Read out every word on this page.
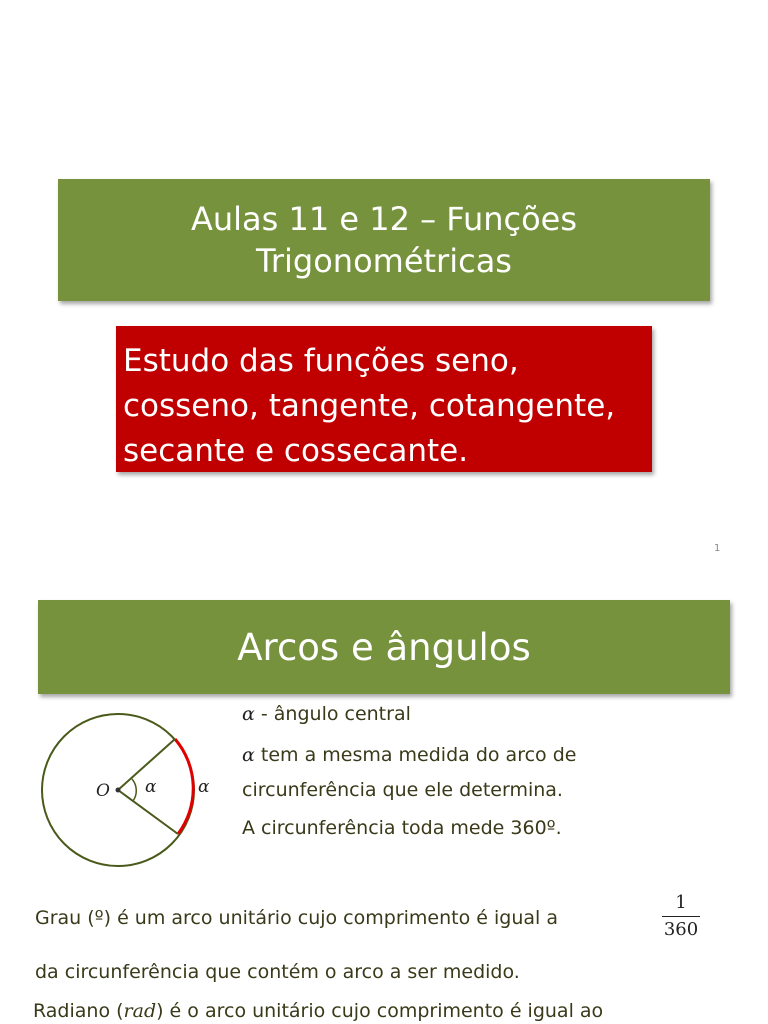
Aulas 11 e 12 – Funções
Trigonométricas
Estudo das funções seno,
cosseno, tangente, cotangente,
secante e cossecante.
1
Arcos e ângulos
O α α
α - ângulo central
α tem a mesma medida do arco de
circunferência que ele determina.
A circunferência toda mede 360º.
Grau (º) é um arco unitário cujo comprimento é igual a
1
360
da circunferência que contém o arco a ser medido.
Radiano (rad) é o arco unitário cujo comprimento é igual ao
